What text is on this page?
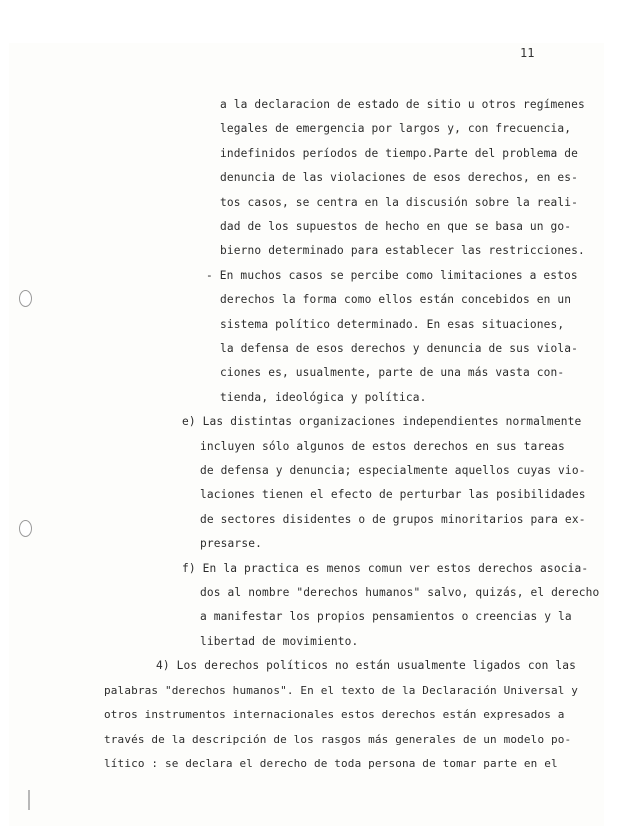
11
a la declaracion de estado de sitio u otros regímenes
legales de emergencia por largos y, con frecuencia,
indefinidos períodos de tiempo.Parte del problema de
denuncia de las violaciones de esos derechos, en es-
tos casos, se centra en la discusión sobre la reali-
dad de los supuestos de hecho en que se basa un go-
bierno determinado para establecer las restricciones.
- En muchos casos se percibe como limitaciones a estos
derechos la forma como ellos están concebidos en un
sistema político determinado. En esas situaciones,
la defensa de esos derechos y denuncia de sus viola-
ciones es, usualmente, parte de una más vasta con-
tienda, ideológica y política.
e) Las distintas organizaciones independientes normalmente
incluyen sólo algunos de estos derechos en sus tareas
de defensa y denuncia; especialmente aquellos cuyas vio-
laciones tienen el efecto de perturbar las posibilidades
de sectores disidentes o de grupos minoritarios para ex-
presarse.
f) En la practica es menos comun ver estos derechos asocia-
dos al nombre "derechos humanos" salvo, quizás, el derecho
a manifestar los propios pensamientos o creencias y la
libertad de movimiento.
4) Los derechos políticos no están usualmente ligados con las
palabras "derechos humanos". En el texto de la Declaración Universal y
otros instrumentos internacionales estos derechos están expresados a
través de la descripción de los rasgos más generales de un modelo po-
lítico : se declara el derecho de toda persona de tomar parte en el
